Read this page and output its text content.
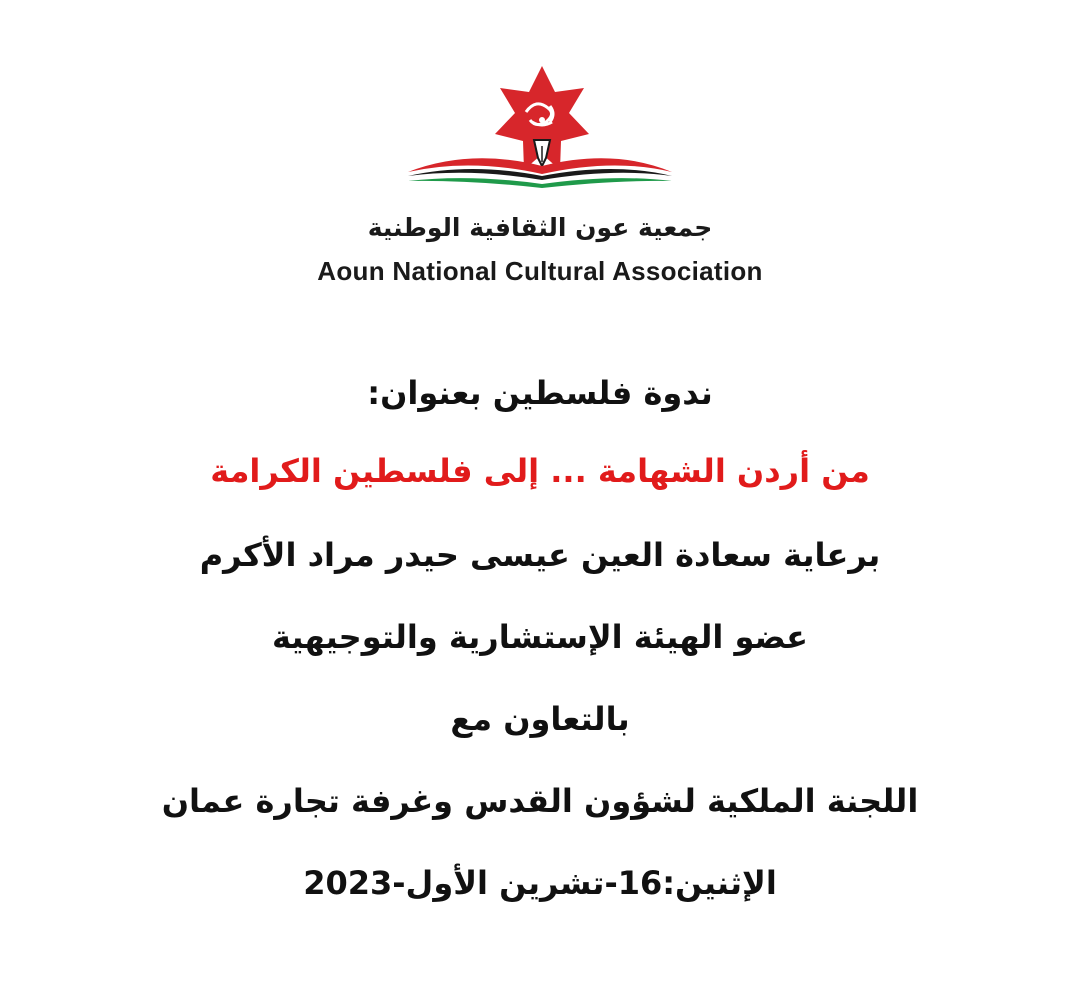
جمعية عون الثقافية الوطنية
Aoun National Cultural Association
ندوة فلسطين بعنوان:
من أردن الشهامة ... إلى فلسطين الكرامة
برعاية سعادة العين عيسى حيدر مراد الأكرم
عضو الهيئة الإستشارية والتوجيهية
بالتعاون مع
اللجنة الملكية لشؤون القدس وغرفة تجارة عمان
الإثنين:16-تشرين الأول-2023
